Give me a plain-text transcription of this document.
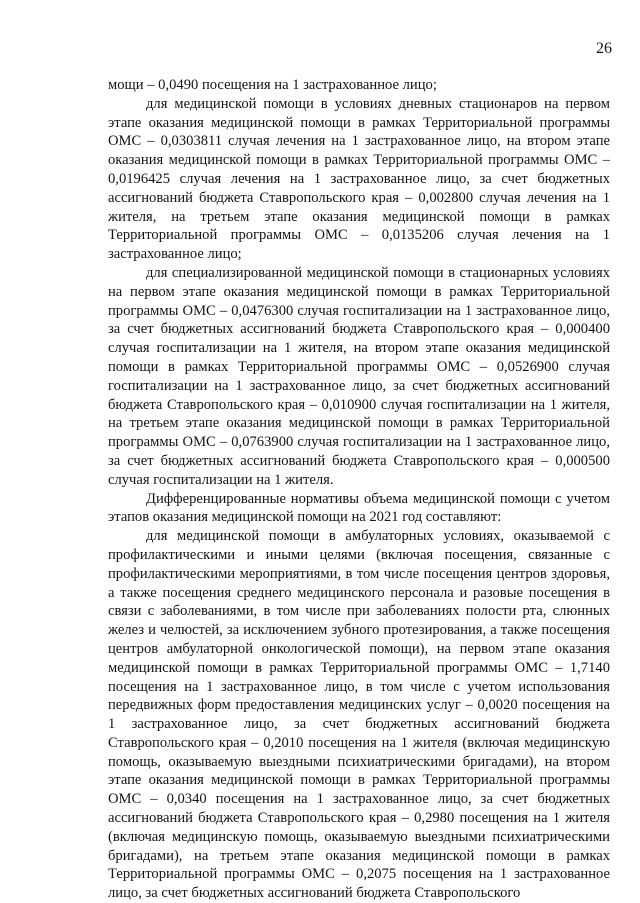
26

мощи – 0,0490 посещения на 1 застрахованное лицо;

для медицинской помощи в условиях дневных стационаров на первом этапе оказания медицинской помощи в рамках Территориальной программы ОМС – 0,0303811 случая лечения на 1 застрахованное лицо, на втором этапе оказания медицинской помощи в рамках Территориальной программы ОМС – 0,0196425 случая лечения на 1 застрахованное лицо, за счет бюджетных ассигнований бюджета Ставропольского края – 0,002800 случая лечения на 1 жителя, на третьем этапе оказания медицинской помощи в рамках Территориальной программы ОМС – 0,0135206 случая лечения на 1 застрахованное лицо;

для специализированной медицинской помощи в стационарных условиях на первом этапе оказания медицинской помощи в рамках Территориальной программы ОМС – 0,0476300 случая госпитализации на 1 застрахованное лицо, за счет бюджетных ассигнований бюджета Ставропольского края – 0,000400 случая госпитализации на 1 жителя, на втором этапе оказания медицинской помощи в рамках Территориальной программы ОМС – 0,0526900 случая госпитализации на 1 застрахованное лицо, за счет бюджетных ассигнований бюджета Ставропольского края – 0,010900 случая госпитализации на 1 жителя, на третьем этапе оказания медицинской помощи в рамках Территориальной программы ОМС – 0,0763900 случая госпитализации на 1 застрахованное лицо, за счет бюджетных ассигнований бюджета Ставропольского края – 0,000500 случая госпитализации на 1 жителя.

Дифференцированные нормативы объема медицинской помощи с учетом этапов оказания медицинской помощи на 2021 год составляют:

для медицинской помощи в амбулаторных условиях, оказываемой с профилактическими и иными целями (включая посещения, связанные с профилактическими мероприятиями, в том числе посещения центров здоровья, а также посещения среднего медицинского персонала и разовые посещения в связи с заболеваниями, в том числе при заболеваниях полости рта, слюнных желез и челюстей, за исключением зубного протезирования, а также посещения центров амбулаторной онкологической помощи), на первом этапе оказания медицинской помощи в рамках Территориальной программы ОМС – 1,7140 посещения на 1 застрахованное лицо, в том числе с учетом использования передвижных форм предоставления медицинских услуг – 0,0020 посещения на 1 застрахованное лицо, за счет бюджетных ассигнований бюджета Ставропольского края – 0,2010 посещения на 1 жителя (включая медицинскую помощь, оказываемую выездными психиатрическими бригадами), на втором этапе оказания медицинской помощи в рамках Территориальной программы ОМС – 0,0340 посещения на 1 застрахованное лицо, за счет бюджетных ассигнований бюджета Ставропольского края – 0,2980 посещения на 1 жителя (включая медицинскую помощь, оказываемую выездными психиатрическими бригадами), на третьем этапе оказания медицинской помощи в рамках Территориальной программы ОМС – 0,2075 посещения на 1 застрахованное лицо, за счет бюджетных ассигнований бюджета Ставропольского
